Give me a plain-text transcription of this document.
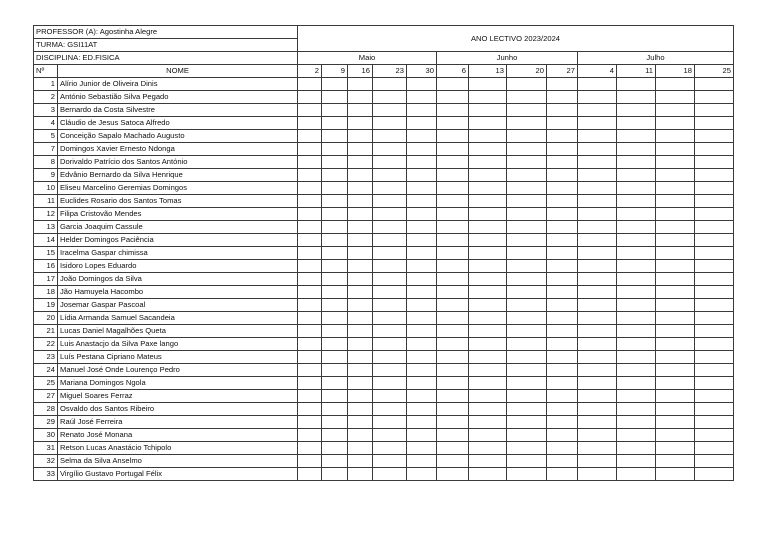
PROFESSOR (A): Agostinha Alegre		ANO LECTIVO 2023/2024												
TURMA: GSI11AT														
DISCIPLINA: ED.FISICA		Maio					Junho				Julho			
Nº	NOME	2	9	16	23	30	6	13	20	27	4	11	18	25
1	Alírio Junior de Oliveira Dinis													
2	António Sebastião Silva Pegado													
3	Bernardo da Costa Silvestre													
4	Cláudio de Jesus Satoca Alfredo													
5	Conceição Sapalo Machado Augusto													
7	Domingos Xavier Ernesto Ndonga													
8	Dorivaldo Patrício dos Santos António													
9	Edvânio Bernardo da Silva Henrique													
10	Eliseu Marcelino Geremias Domingos													
11	Euclides Rosario dos Santos Tomas													
12	Filipa Cristovão Mendes													
13	Garcia Joaquim Cassule													
14	Helder Domingos Paciência													
15	Iracelma Gaspar chimissa													
16	Isidoro Lopes Eduardo													
17	João Domingos da Silva													
18	Jão Hamuyela Hacombo													
19	Josemar Gaspar Pascoal													
20	Lídia Armanda Samuel Sacandeia													
21	Lucas Daniel Magalhões Queta													
22	Luis Anastacjo da Silva Paxe lango													
23	Luís Pestana Cipriano Mateus													
24	Manuel José Onde Lourenço Pedro													
25	Mariana Domingos Ngola													
27	Miguel Soares Ferraz													
28	Osvaldo dos Santos Ribeiro													
29	Raúl José Ferreira													
30	Renato José Monana													
31	Retson Lucas Anastácio Tchipolo													
32	Selma da Silva Anselmo													
33	Virgílio Gustavo Portugal Félix													
